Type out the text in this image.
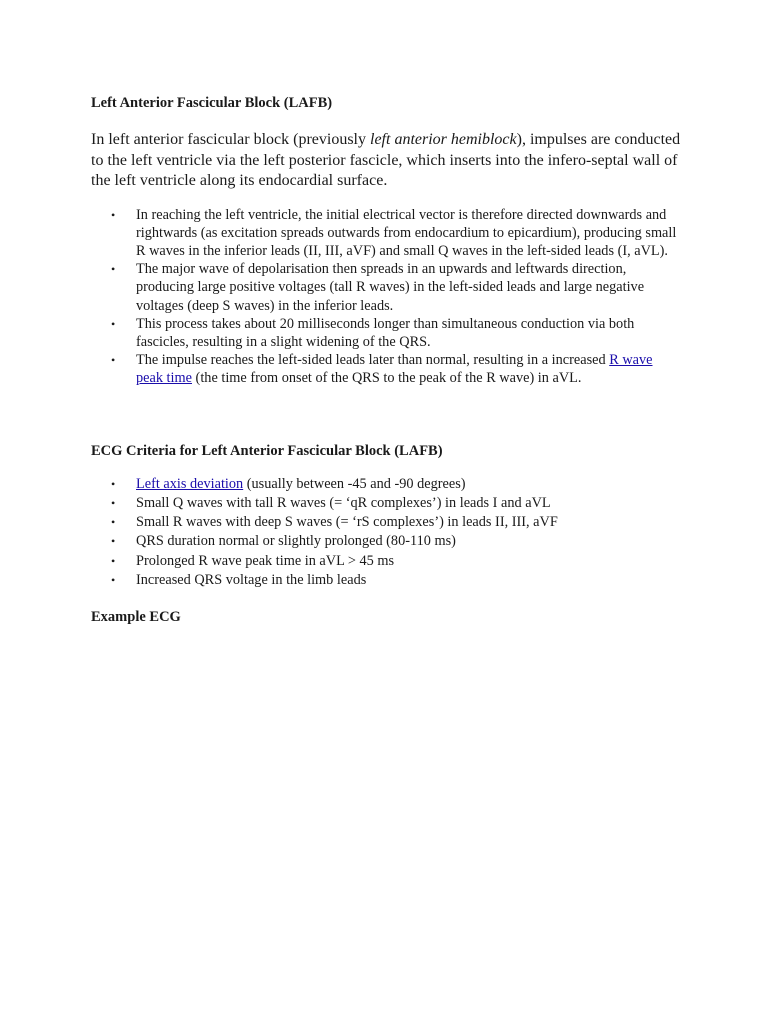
Left Anterior Fascicular Block (LAFB)

In left anterior fascicular block (previously left anterior hemiblock), impulses are conducted to the left ventricle via the left posterior fascicle, which inserts into the infero-septal wall of the left ventricle along its endocardial surface.

• In reaching the left ventricle, the initial electrical vector is therefore directed downwards and rightwards (as excitation spreads outwards from endocardium to epicardium), producing small R waves in the inferior leads (II, III, aVF) and small Q waves in the left-sided leads (I, aVL).
• The major wave of depolarisation then spreads in an upwards and leftwards direction, producing large positive voltages (tall R waves) in the left-sided leads and large negative voltages (deep S waves) in the inferior leads.
• This process takes about 20 milliseconds longer than simultaneous conduction via both fascicles, resulting in a slight widening of the QRS.
• The impulse reaches the left-sided leads later than normal, resulting in a increased R wave peak time (the time from onset of the QRS to the peak of the R wave) in aVL.
ECG Criteria for Left Anterior Fascicular Block (LAFB)
• Left axis deviation (usually between -45 and -90 degrees)
• Small Q waves with tall R waves (= ‘qR complexes’) in leads I and aVL
• Small R waves with deep S waves (= ‘rS complexes’) in leads II, III, aVF
• QRS duration normal or slightly prolonged (80-110 ms)
• Prolonged R wave peak time in aVL > 45 ms
• Increased QRS voltage in the limb leads
Example ECG
